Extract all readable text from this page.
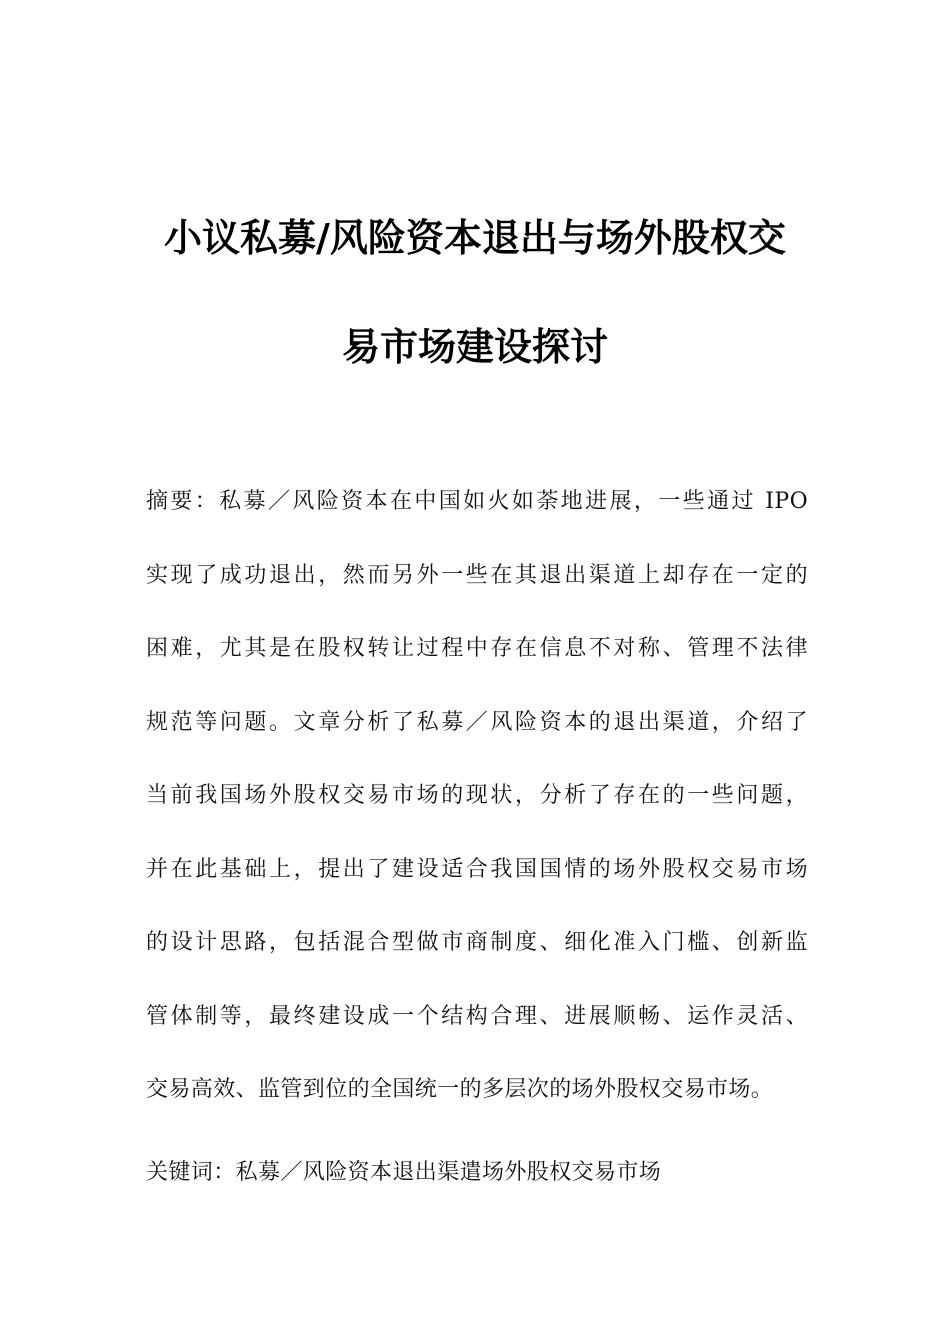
小议私募/风险资本退出与场外股权交
易市场建设探讨
摘要：私募／风险资本在中国如火如荼地进展，一些通过 IPO
实现了成功退出，然而另外一些在其退出渠道上却存在一定的
困难，尤其是在股权转让过程中存在信息不对称、管理不法律
规范等问题。文章分析了私募／风险资本的退出渠道，介绍了
当前我国场外股权交易市场的现状，分析了存在的一些问题，
并在此基础上，提出了建设适合我国国情的场外股权交易市场
的设计思路，包括混合型做市商制度、细化准入门槛、创新监
管体制等，最终建设成一个结构合理、进展顺畅、运作灵活、
交易高效、监管到位的全国统一的多层次的场外股权交易市场。
关键词：私募／风险资本退出渠遣场外股权交易市场
